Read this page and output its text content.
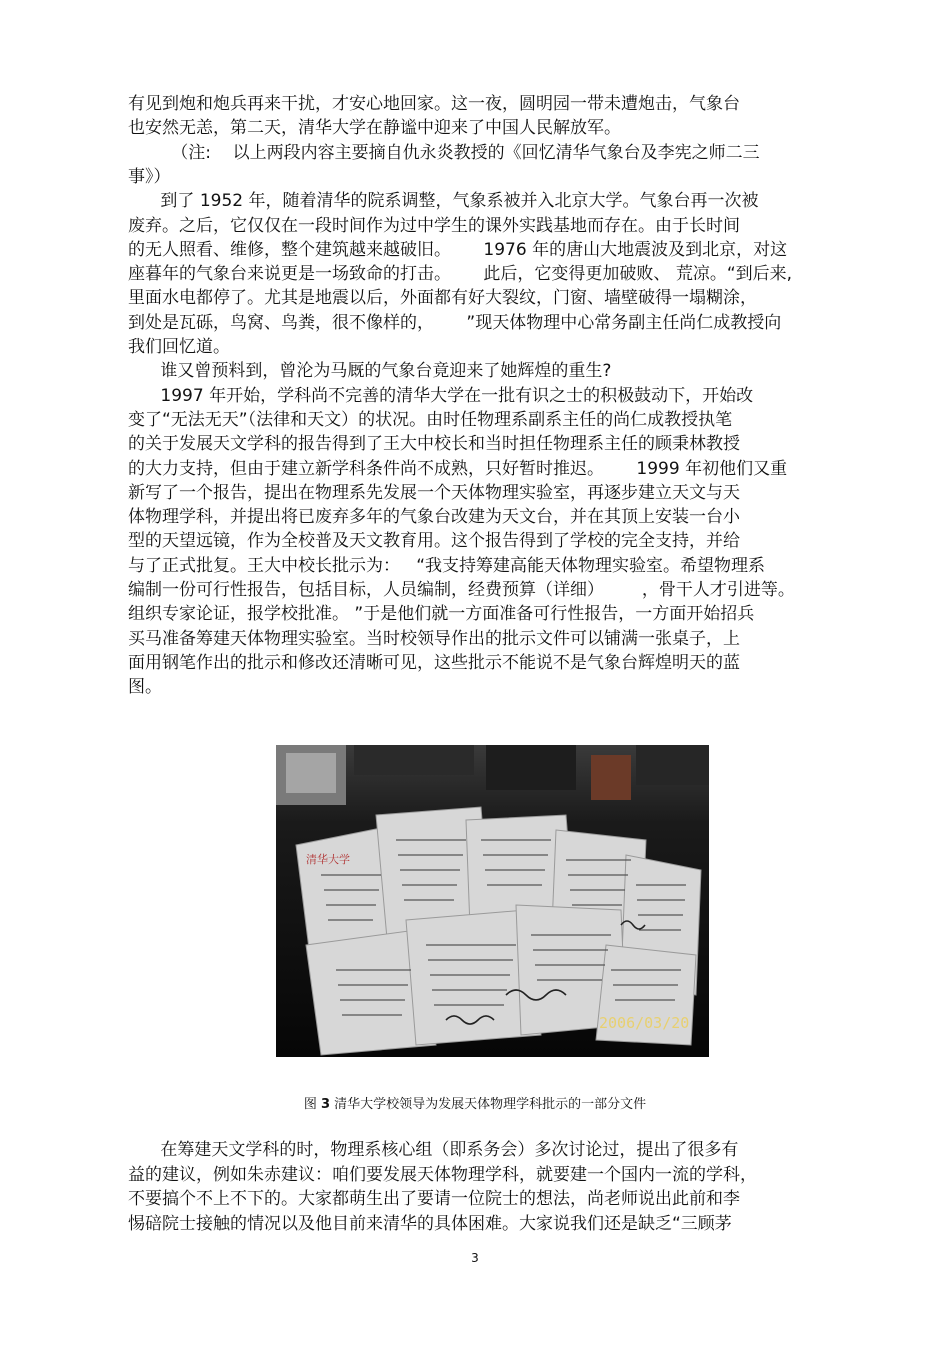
有见到炮和炮兵再来干扰，才安心地回家。这一夜，圆明园一带未遭炮击，气象台
也安然无恙，第二天，清华大学在静谧中迎来了中国人民解放军。
（注:    以上两段内容主要摘自仇永炎教授的《回忆清华气象台及李宪之师二三
事》）
到了 1952 年，随着清华的院系调整，气象系被并入北京大学。气象台再一次被
废弃。之后，它仅仅在一段时间作为过中学生的课外实践基地而存在。由于长时间
的无人照看、维修，整个建筑越来越破旧。      1976 年的唐山大地震波及到北京，对这
座暮年的气象台来说更是一场致命的打击。      此后，它变得更加破败、 荒凉。“到后来,
里面水电都停了。尤其是地震以后，外面都有好大裂纹，门窗、墙壁破得一塌糊涂，
到处是瓦砾，鸟窝、鸟粪，很不像样的，      ”现天体物理中心常务副主任尚仁成教授向
我们回忆道。
谁又曾预料到，曾沦为马厩的气象台竟迎来了她辉煌的重生?
1997 年开始，学科尚不完善的清华大学在一批有识之士的积极鼓动下，开始改
变了“无法无天”（法律和天文）的状况。由时任物理系副系主任的尚仁成教授执笔
的关于发展天文学科的报告得到了王大中校长和当时担任物理系主任的顾秉林教授
的大力支持，但由于建立新学科条件尚不成熟，只好暂时推迟。      1999 年初他们又重
新写了一个报告，提出在物理系先发展一个天体物理实验室，再逐步建立天文与天
体物理学科，并提出将已废弃多年的气象台改建为天文台，并在其顶上安装一台小
型的天望远镜，作为全校普及天文教育用。这个报告得到了学校的完全支持，并给
与了正式批复。王大中校长批示为：   “我支持筹建高能天体物理实验室。希望物理系
编制一份可行性报告，包括目标，人员编制，经费预算（详细）       ，骨干人才引进等。
组织专家论证，报学校批准。 ”于是他们就一方面准备可行性报告，一方面开始招兵
买马准备筹建天体物理实验室。当时校领导作出的批示文件可以铺满一张桌子，上
面用钢笔作出的批示和修改还清晰可见，这些批示不能说不是气象台辉煌明天的蓝
图。
清华大学
2006/03/20
图 3 清华大学校领导为发展天体物理学科批示的一部分文件
在筹建天文学科的时，物理系核心组（即系务会）多次讨论过，提出了很多有
益的建议，例如朱赤建议：咱们要发展天体物理学科，就要建一个国内一流的学科，
不要搞个不上不下的。大家都萌生出了要请一位院士的想法，尚老师说出此前和李
惕碚院士接触的情况以及他目前来清华的具体困难。大家说我们还是缺乏“三顾茅
3
